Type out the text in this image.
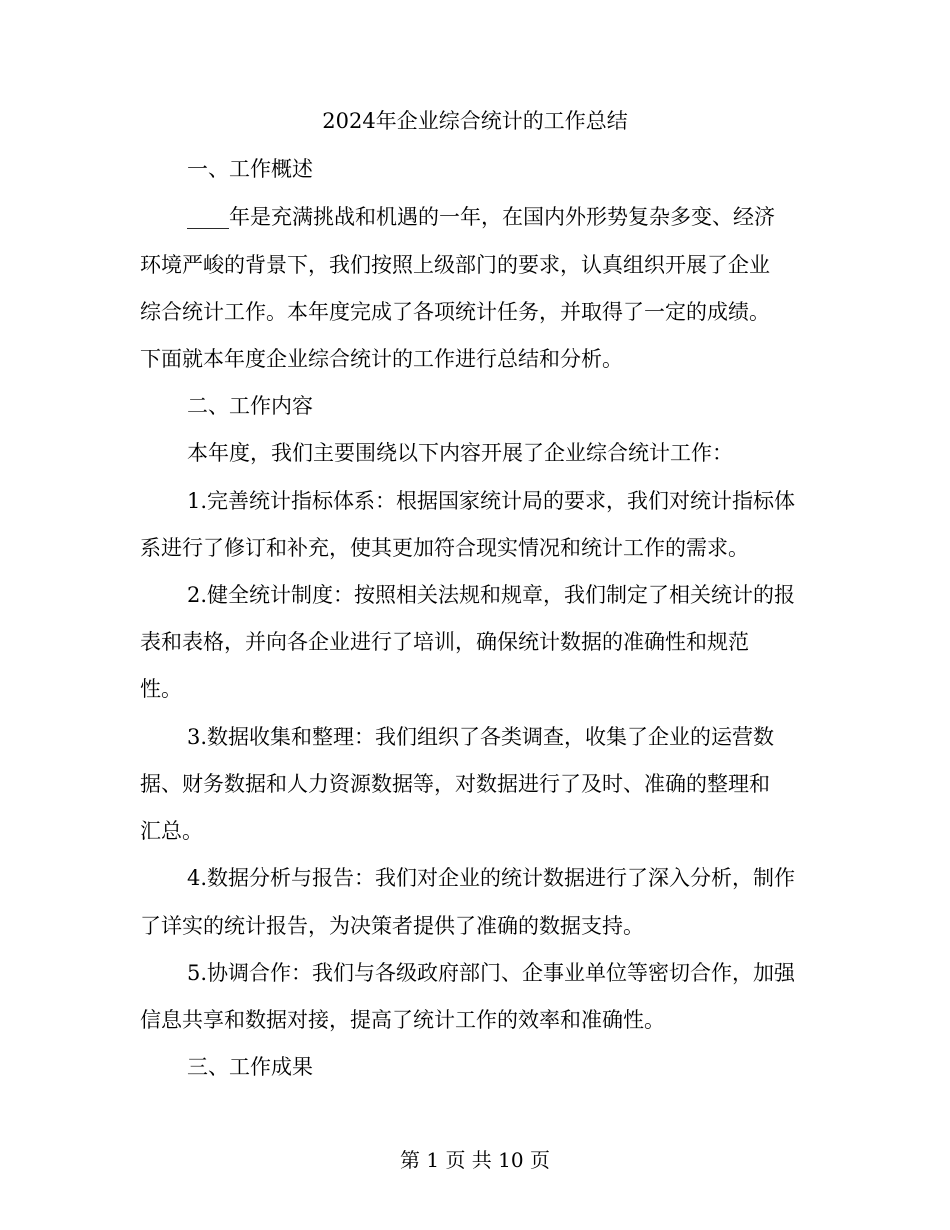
2024年企业综合统计的工作总结
一、工作概述
____年是充满挑战和机遇的一年，在国内外形势复杂多变、经济
环境严峻的背景下，我们按照上级部门的要求，认真组织开展了企业
综合统计工作。本年度完成了各项统计任务，并取得了一定的成绩。
下面就本年度企业综合统计的工作进行总结和分析。
二、工作内容
本年度，我们主要围绕以下内容开展了企业综合统计工作：
1.完善统计指标体系：根据国家统计局的要求，我们对统计指标体
系进行了修订和补充，使其更加符合现实情况和统计工作的需求。
2.健全统计制度：按照相关法规和规章，我们制定了相关统计的报
表和表格，并向各企业进行了培训，确保统计数据的准确性和规范
性。
3.数据收集和整理：我们组织了各类调查，收集了企业的运营数
据、财务数据和人力资源数据等，对数据进行了及时、准确的整理和
汇总。
4.数据分析与报告：我们对企业的统计数据进行了深入分析，制作
了详实的统计报告，为决策者提供了准确的数据支持。
5.协调合作：我们与各级政府部门、企事业单位等密切合作，加强
信息共享和数据对接，提高了统计工作的效率和准确性。
三、工作成果
第 1 页 共 10 页
